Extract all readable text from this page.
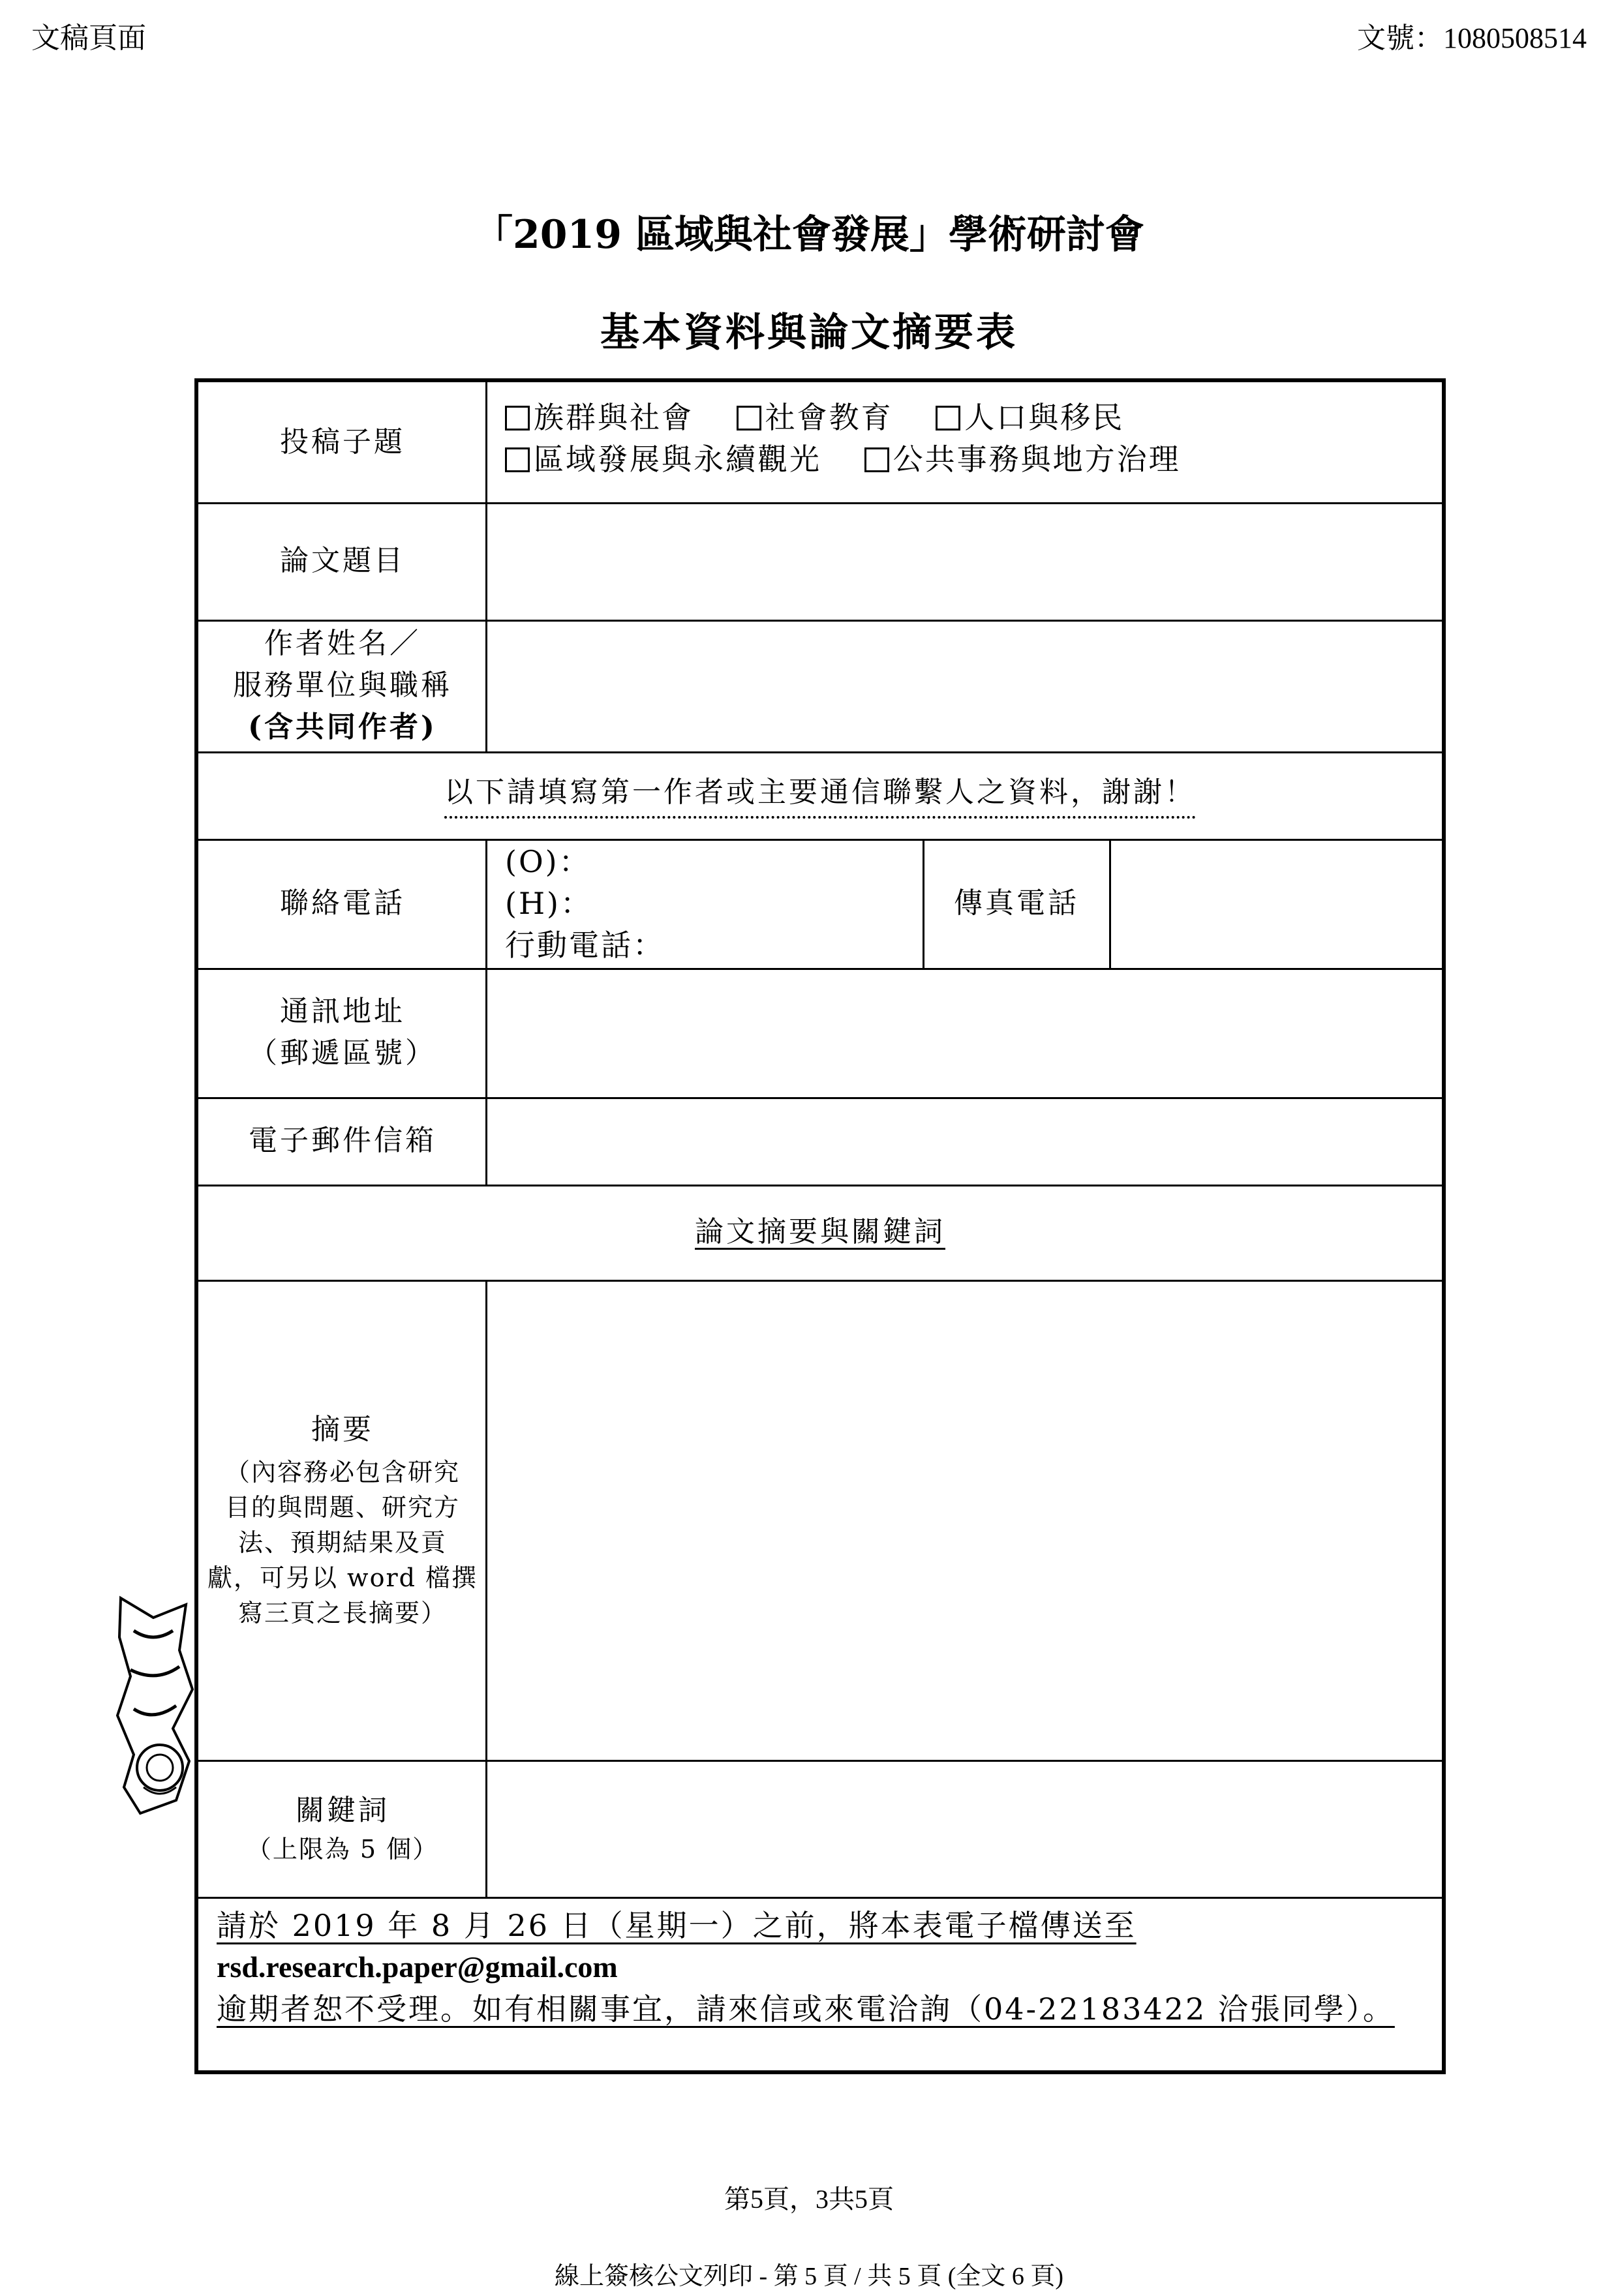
文稿頁面	文號：1080508514
「2019 區域與社會發展」學術研討會
基本資料與論文摘要表
投稿子題
族群與社會 社會教育 人口與移民
區域發展與永續觀光 公共事務與地方治理
論文題目
作者姓名／
服務單位與職稱
(含共同作者)
以下請填寫第一作者或主要通信聯繫人之資料，謝謝！
聯絡電話
(O)：
(H)：
行動電話：
傳真電話
通訊地址
（郵遞區號）
電子郵件信箱
論文摘要與關鍵詞
摘要
（內容務必包含研究
目的與問題、研究方
法、預期結果及貢
獻，可另以 word 檔撰
寫三頁之長摘要）
關鍵詞
（上限為 5 個）
請於 2019 年 8 月 26 日（星期一）之前，將本表電子檔傳送至
rsd.research.paper@gmail.com
逾期者恕不受理。如有相關事宜，請來信或來電洽詢（04-22183422 洽張同學）。
第5頁，3共5頁
線上簽核公文列印 - 第 5 頁 / 共 5 頁 (全文 6 頁)
